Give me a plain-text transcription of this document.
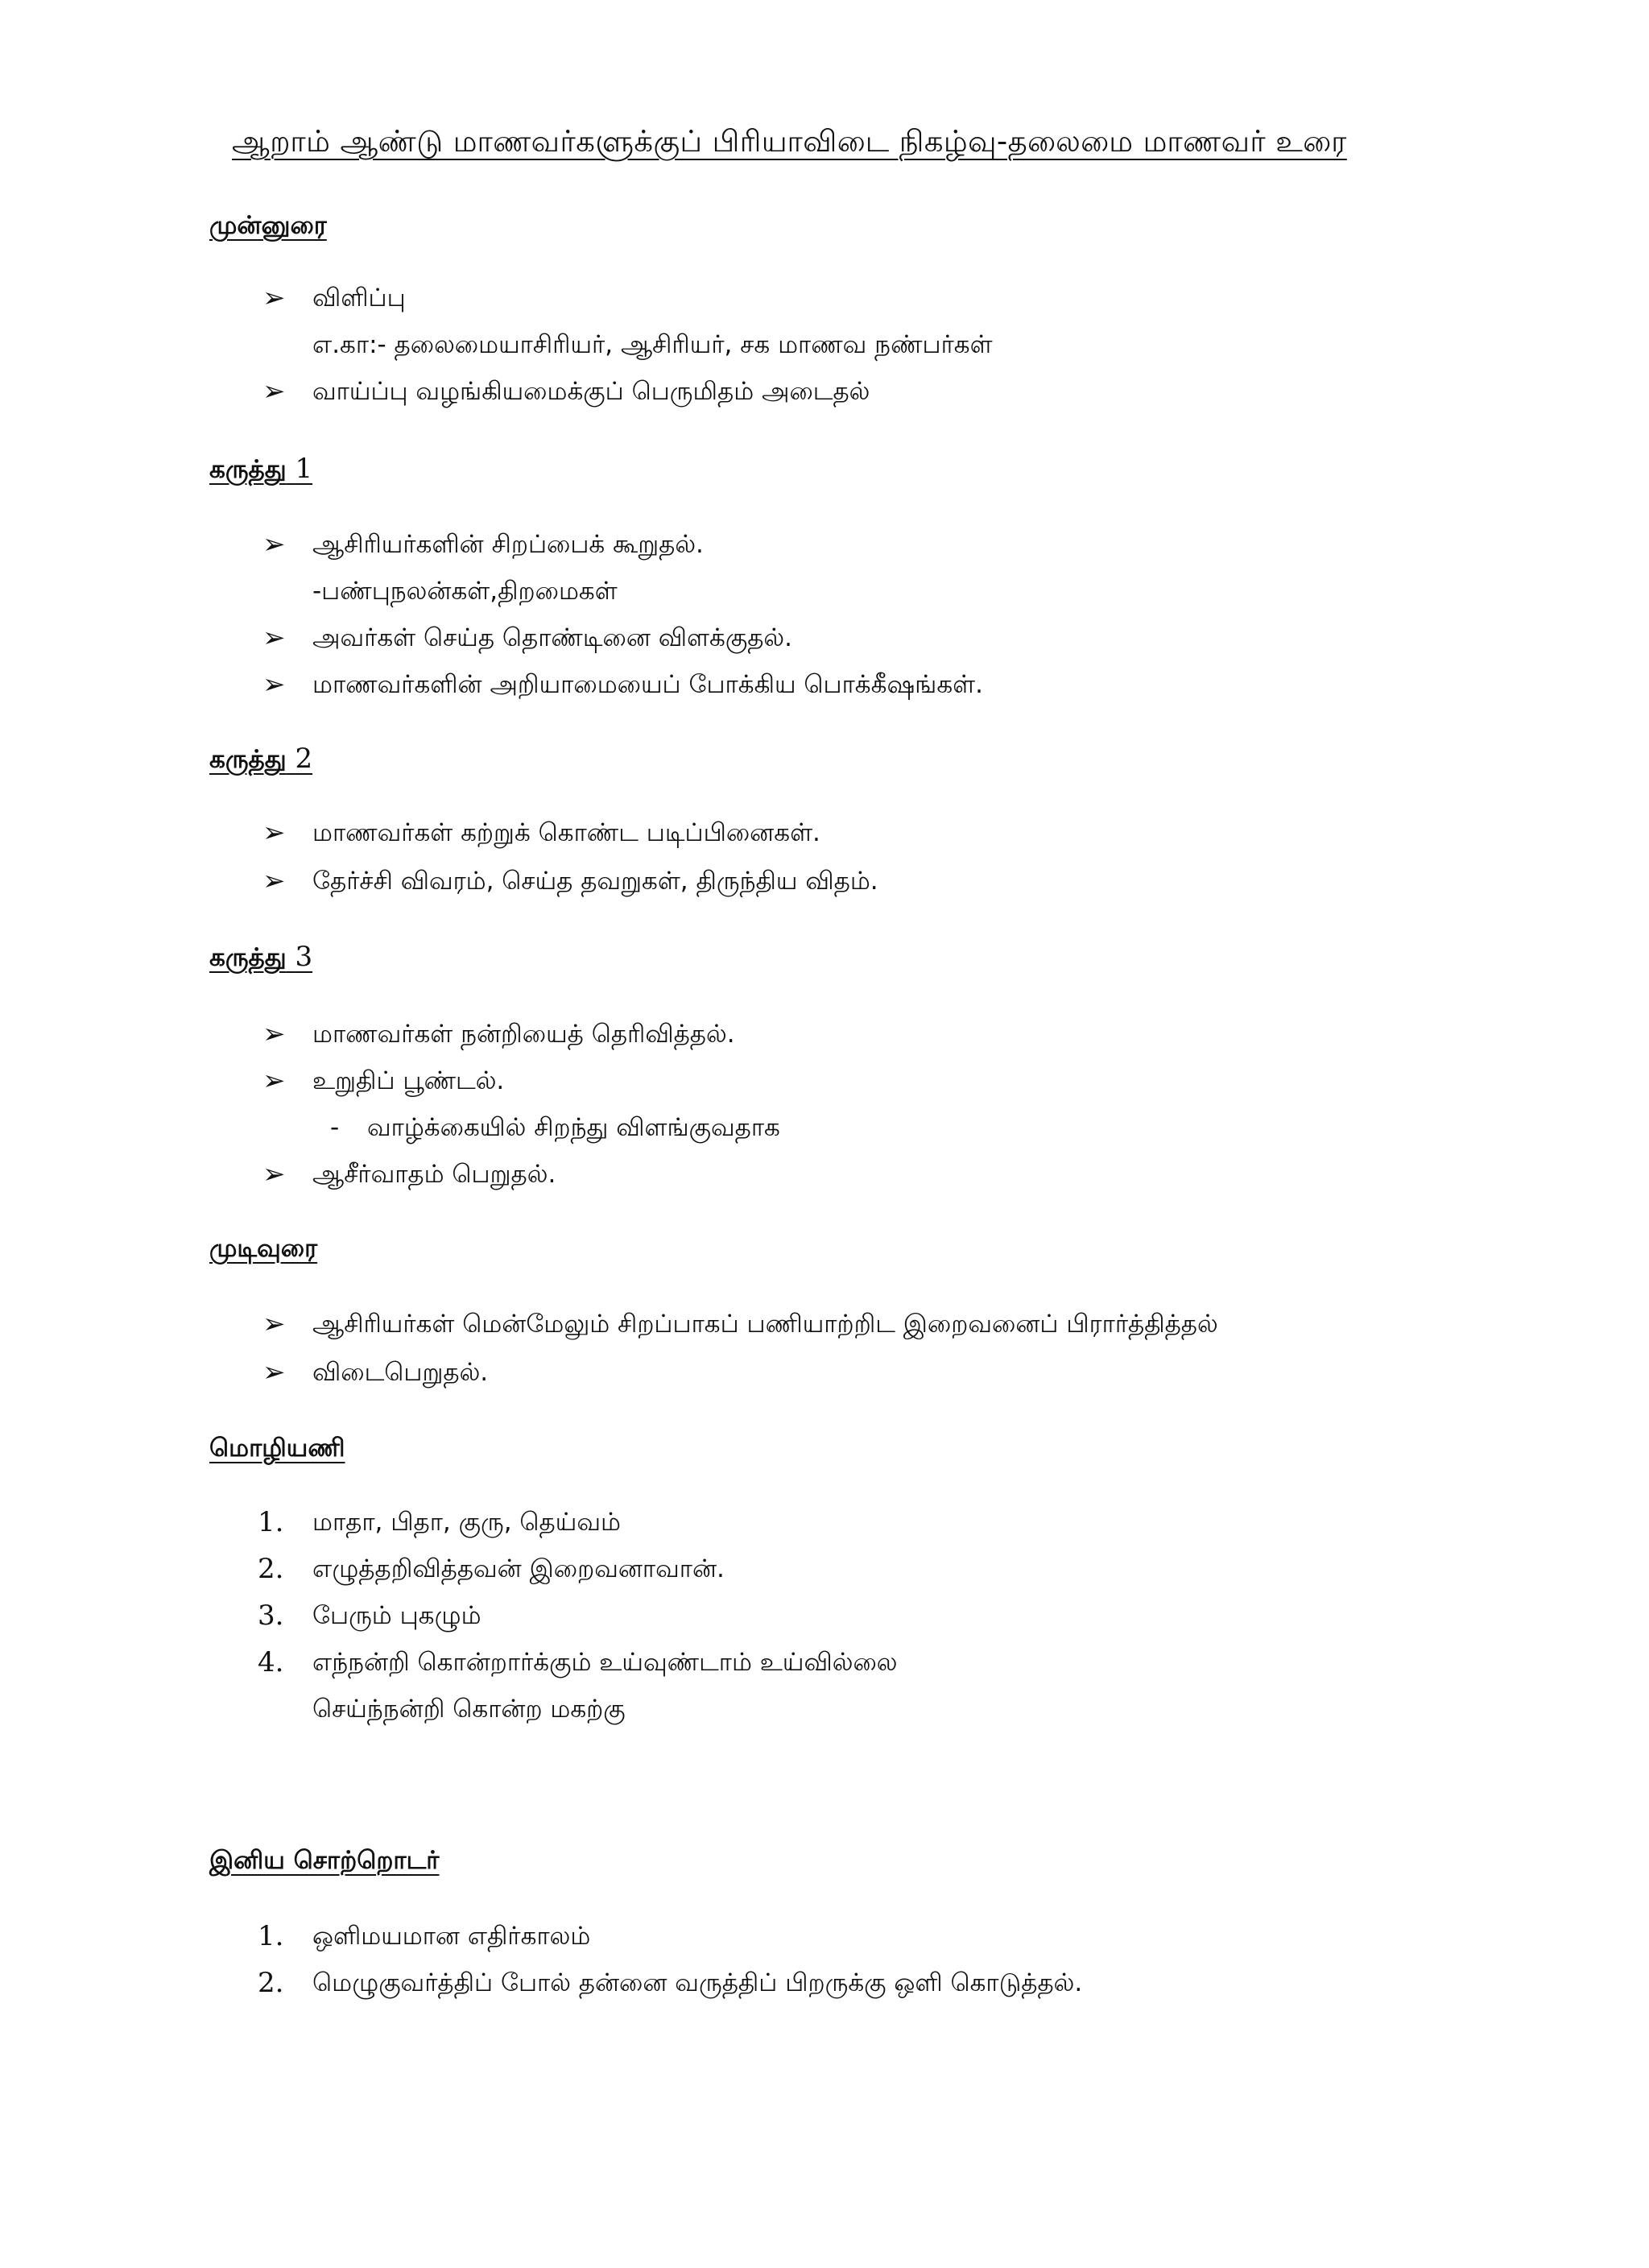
ஆறாம் ஆண்டு மாணவர்களுக்குப் பிரியாவிடை நிகழ்வு-தலைமை மாணவர் உரை
முன்னுரை
➢ விளிப்பு
எ.கா:- தலைமையாசிரியர், ஆசிரியர், சக மாணவ நண்பர்கள்
➢ வாய்ப்பு வழங்கியமைக்குப் பெருமிதம் அடைதல்
கருத்து 1
➢ ஆசிரியர்களின் சிறப்பைக் கூறுதல்.
-பண்புநலன்கள்,திறமைகள்
➢ அவர்கள் செய்த தொண்டினை விளக்குதல்.
➢ மாணவர்களின் அறியாமையைப் போக்கிய பொக்கீஷங்கள்.
கருத்து 2
➢ மாணவர்கள் கற்றுக் கொண்ட படிப்பினைகள்.
➢ தேர்ச்சி விவரம், செய்த தவறுகள், திருந்திய விதம்.
கருத்து 3
➢ மாணவர்கள் நன்றியைத் தெரிவித்தல்.
➢ உறுதிப் பூண்டல்.
- வாழ்க்கையில் சிறந்து விளங்குவதாக
➢ ஆசீர்வாதம் பெறுதல்.
முடிவுரை
➢ ஆசிரியர்கள் மென்மேலும் சிறப்பாகப் பணியாற்றிட இறைவனைப் பிரார்த்தித்தல்
➢ விடைபெறுதல்.
மொழியணி
1. மாதா, பிதா, குரு, தெய்வம்
2. எழுத்தறிவித்தவன் இறைவனாவான்.
3. பேரும் புகழும்
4. எந்நன்றி கொன்றார்க்கும் உய்வுண்டாம் உய்வில்லை
செய்ந்நன்றி கொன்ற மகற்கு
இனிய சொற்றொடர்
1. ஒளிமயமான எதிர்காலம்
2. மெழுகுவர்த்திப் போல் தன்னை வருத்திப் பிறருக்கு ஒளி கொடுத்தல்.
